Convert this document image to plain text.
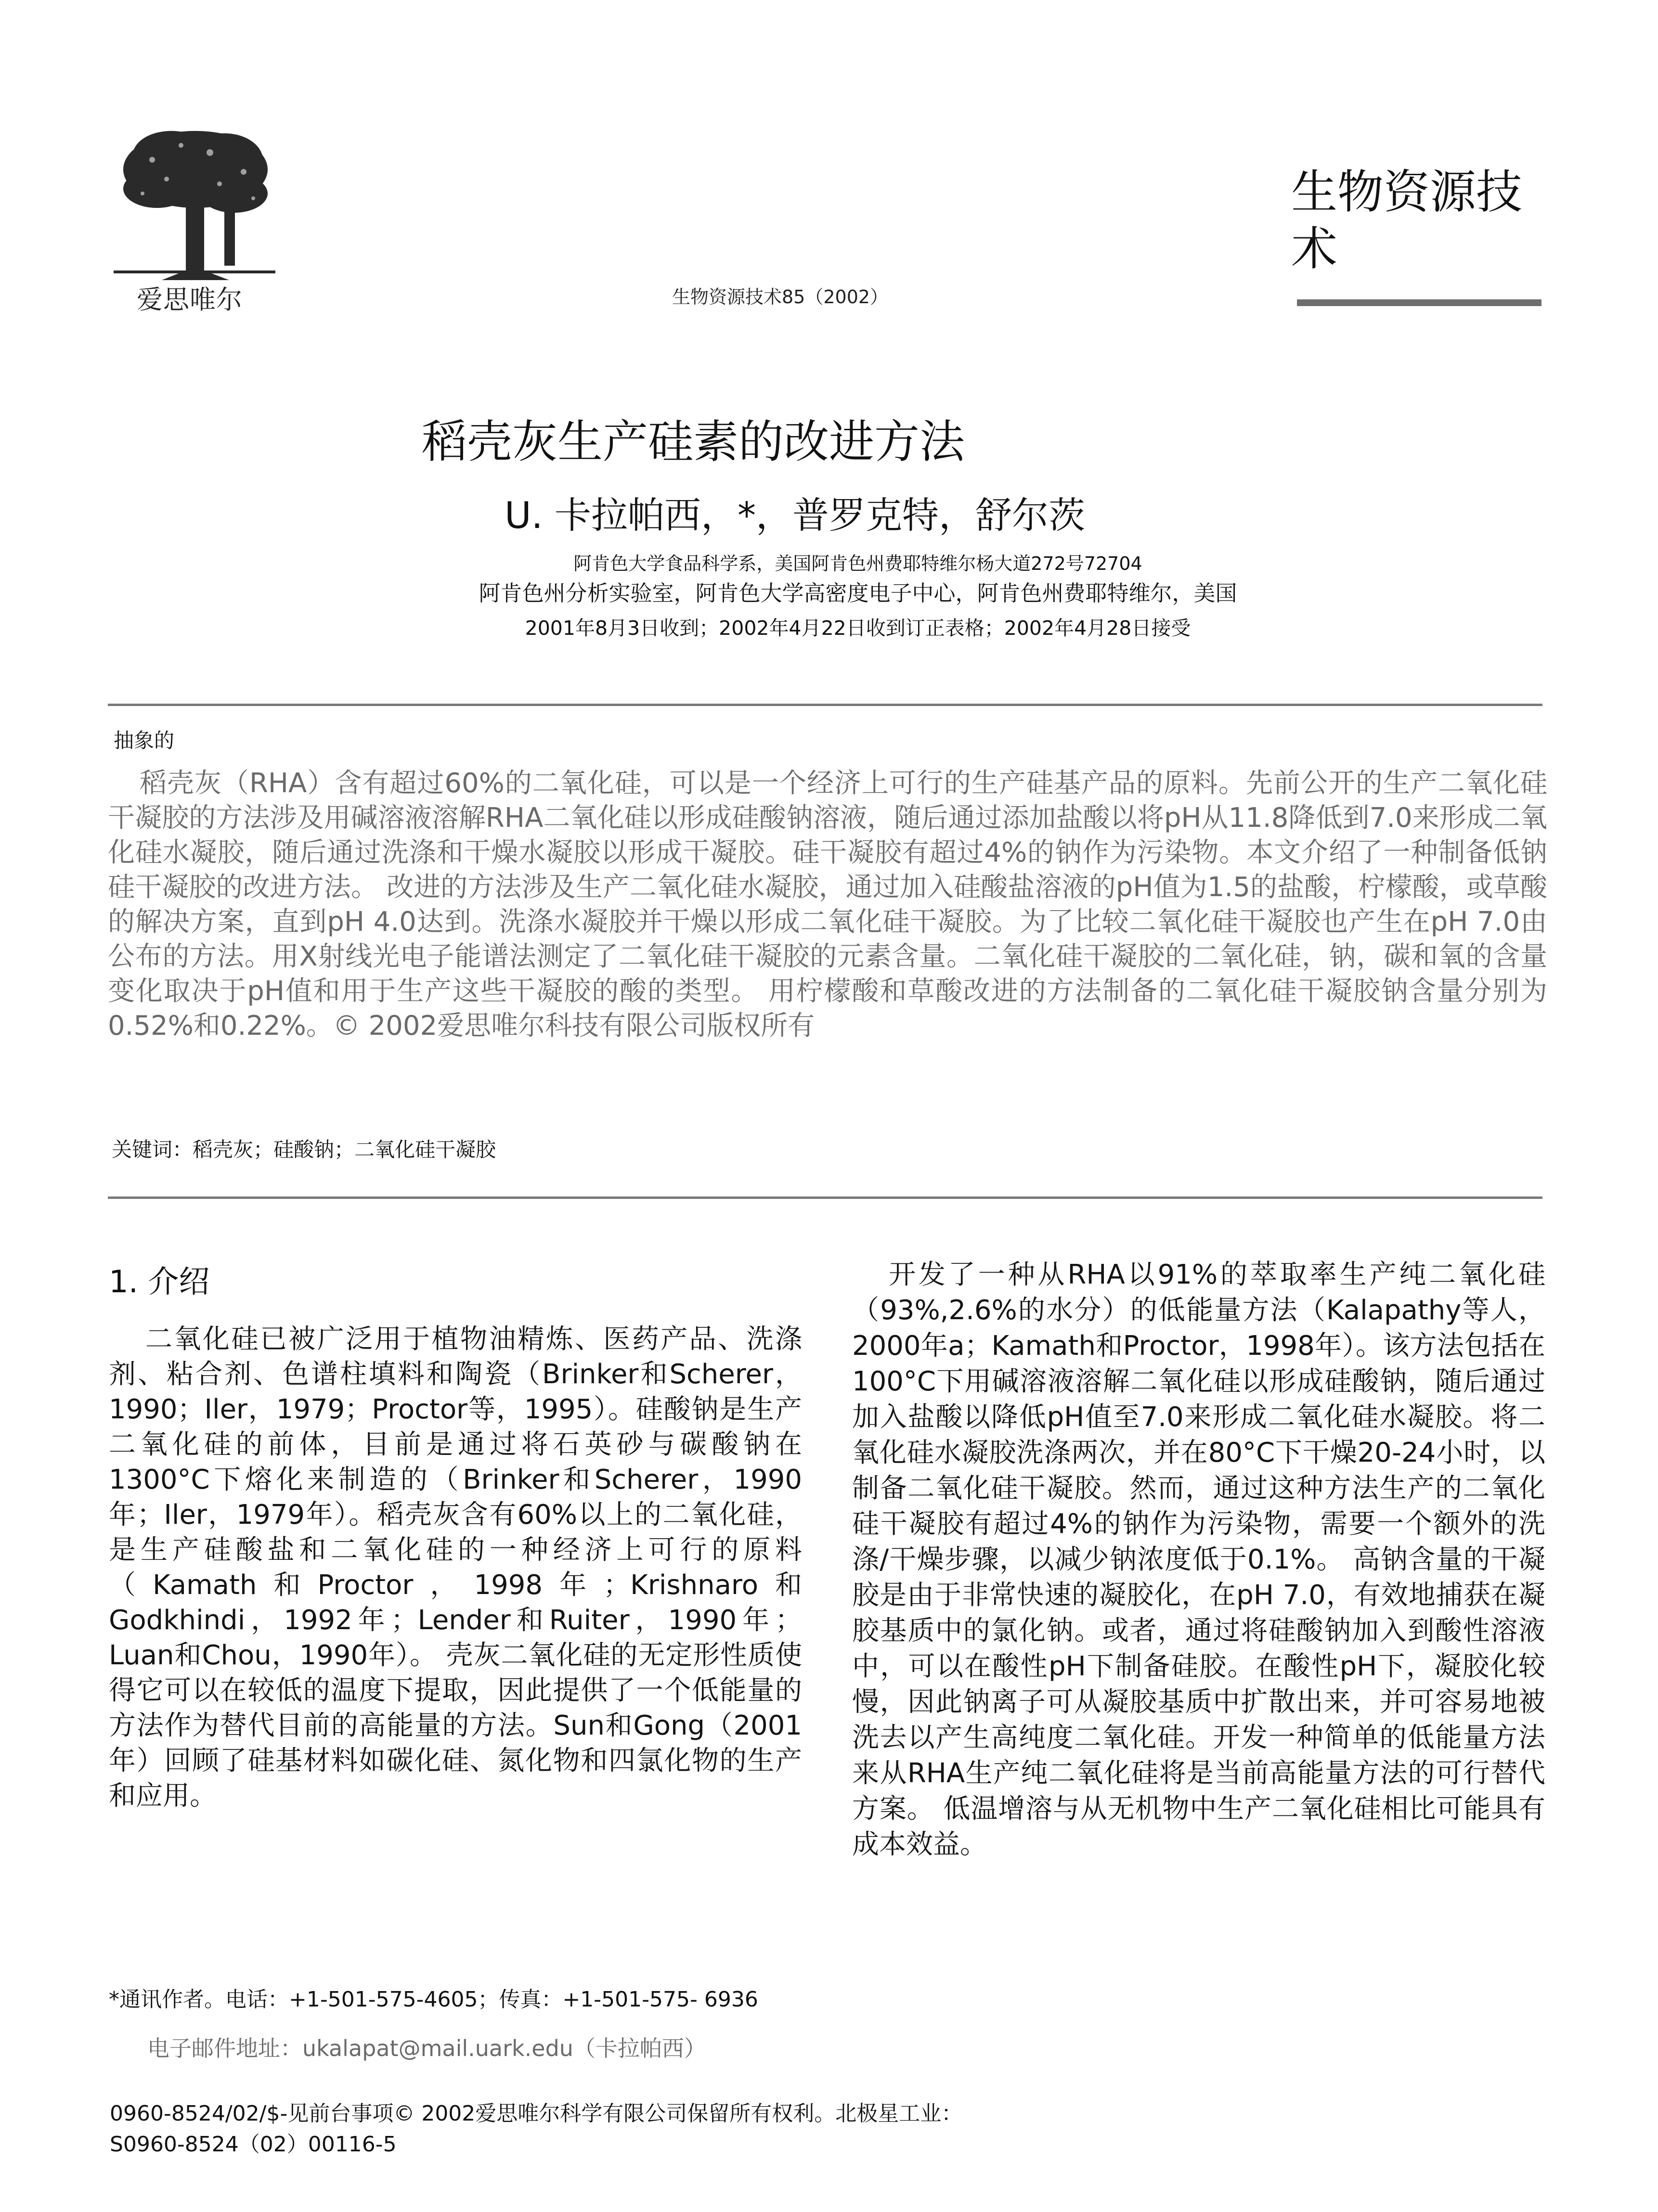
爱思唯尔	生物资源技术85（2002）
生物资源技术
稻壳灰生产硅素的改进方法
U. 卡拉帕西，*，普罗克特，舒尔茨
阿肯色大学食品科学系，美国阿肯色州费耶特维尔杨大道272号72704
阿肯色州分析实验室，阿肯色大学高密度电子中心，阿肯色州费耶特维尔，美国
2001年8月3日收到；2002年4月22日收到订正表格；2002年4月28日接受
抽象的
稻壳灰（RHA）含有超过60%的二氧化硅，可以是一个经济上可行的生产硅基产品的原料。先前公开的生产二氧化硅干凝胶的方法涉及用碱溶液溶解RHA二氧化硅以形成硅酸钠溶液，随后通过添加盐酸以将pH从11.8降低到7.0来形成二氧化硅水凝胶，随后通过洗涤和干燥水凝胶以形成干凝胶。硅干凝胶有超过4%的钠作为污染物。本文介绍了一种制备低钠硅干凝胶的改进方法。 改进的方法涉及生产二氧化硅水凝胶，通过加入硅酸盐溶液的pH值为1.5的盐酸，柠檬酸，或草酸的解决方案，直到pH 4.0达到。洗涤水凝胶并干燥以形成二氧化硅干凝胶。为了比较二氧化硅干凝胶也产生在pH 7.0由公布的方法。用X射线光电子能谱法测定了二氧化硅干凝胶的元素含量。二氧化硅干凝胶的二氧化硅，钠，碳和氧的含量变化取决于pH值和用于生产这些干凝胶的酸的类型。 用柠檬酸和草酸改进的方法制备的二氧化硅干凝胶钠含量分别为0.52%和0.22%。© 2002爱思唯尔科技有限公司版权所有
关键词：稻壳灰；硅酸钠；二氧化硅干凝胶
1. 介绍
二氧化硅已被广泛用于植物油精炼、医药产品、洗涤剂、粘合剂、色谱柱填料和陶瓷（Brinker和Scherer，1990；Iler，1979；Proctor等，1995）。硅酸钠是生产二氧化硅的前体，目前是通过将石英砂与碳酸钠在1300°C下熔化来制造的（Brinker和Scherer，1990年；Iler，1979年）。稻壳灰含有60%以上的二氧化硅，是生产硅酸盐和二氧化硅的一种经济上可行的原料（Kamath和Proctor，1998年；Krishnaro和Godkhindi，1992年；Lender和Ruiter，1990年；Luan和Chou，1990年）。 壳灰二氧化硅的无定形性质使得它可以在较低的温度下提取，因此提供了一个低能量的方法作为替代目前的高能量的方法。Sun和Gong（2001年）回顾了硅基材料如碳化硅、氮化物和四氯化物的生产和应用。
开发了一种从RHA以91%的萃取率生产纯二氧化硅（93%,2.6%的水分）的低能量方法（Kalapathy等人，2000年a；Kamath和Proctor，1998年）。该方法包括在100°C下用碱溶液溶解二氧化硅以形成硅酸钠，随后通过加入盐酸以降低pH值至7.0来形成二氧化硅水凝胶。将二氧化硅水凝胶洗涤两次，并在80°C下干燥20-24小时，以制备二氧化硅干凝胶。然而，通过这种方法生产的二氧化硅干凝胶有超过4%的钠作为污染物，需要一个额外的洗涤/干燥步骤，以减少钠浓度低于0.1%。 高钠含量的干凝胶是由于非常快速的凝胶化，在pH 7.0，有效地捕获在凝胶基质中的氯化钠。或者，通过将硅酸钠加入到酸性溶液中，可以在酸性pH下制备硅胶。在酸性pH下，凝胶化较慢，因此钠离子可从凝胶基质中扩散出来，并可容易地被洗去以产生高纯度二氧化硅。开发一种简单的低能量方法来从RHA生产纯二氧化硅将是当前高能量方法的可行替代方案。 低温增溶与从无机物中生产二氧化硅相比可能具有成本效益。
*通讯作者。电话：+1-501-575-4605；传真：+1-501-575- 6936
电子邮件地址：ukalapat@mail.uark.edu（卡拉帕西）
0960-8524/02/$-见前台事项© 2002爱思唯尔科学有限公司保留所有权利。北极星工业：S0960-8524（02）00116-5
